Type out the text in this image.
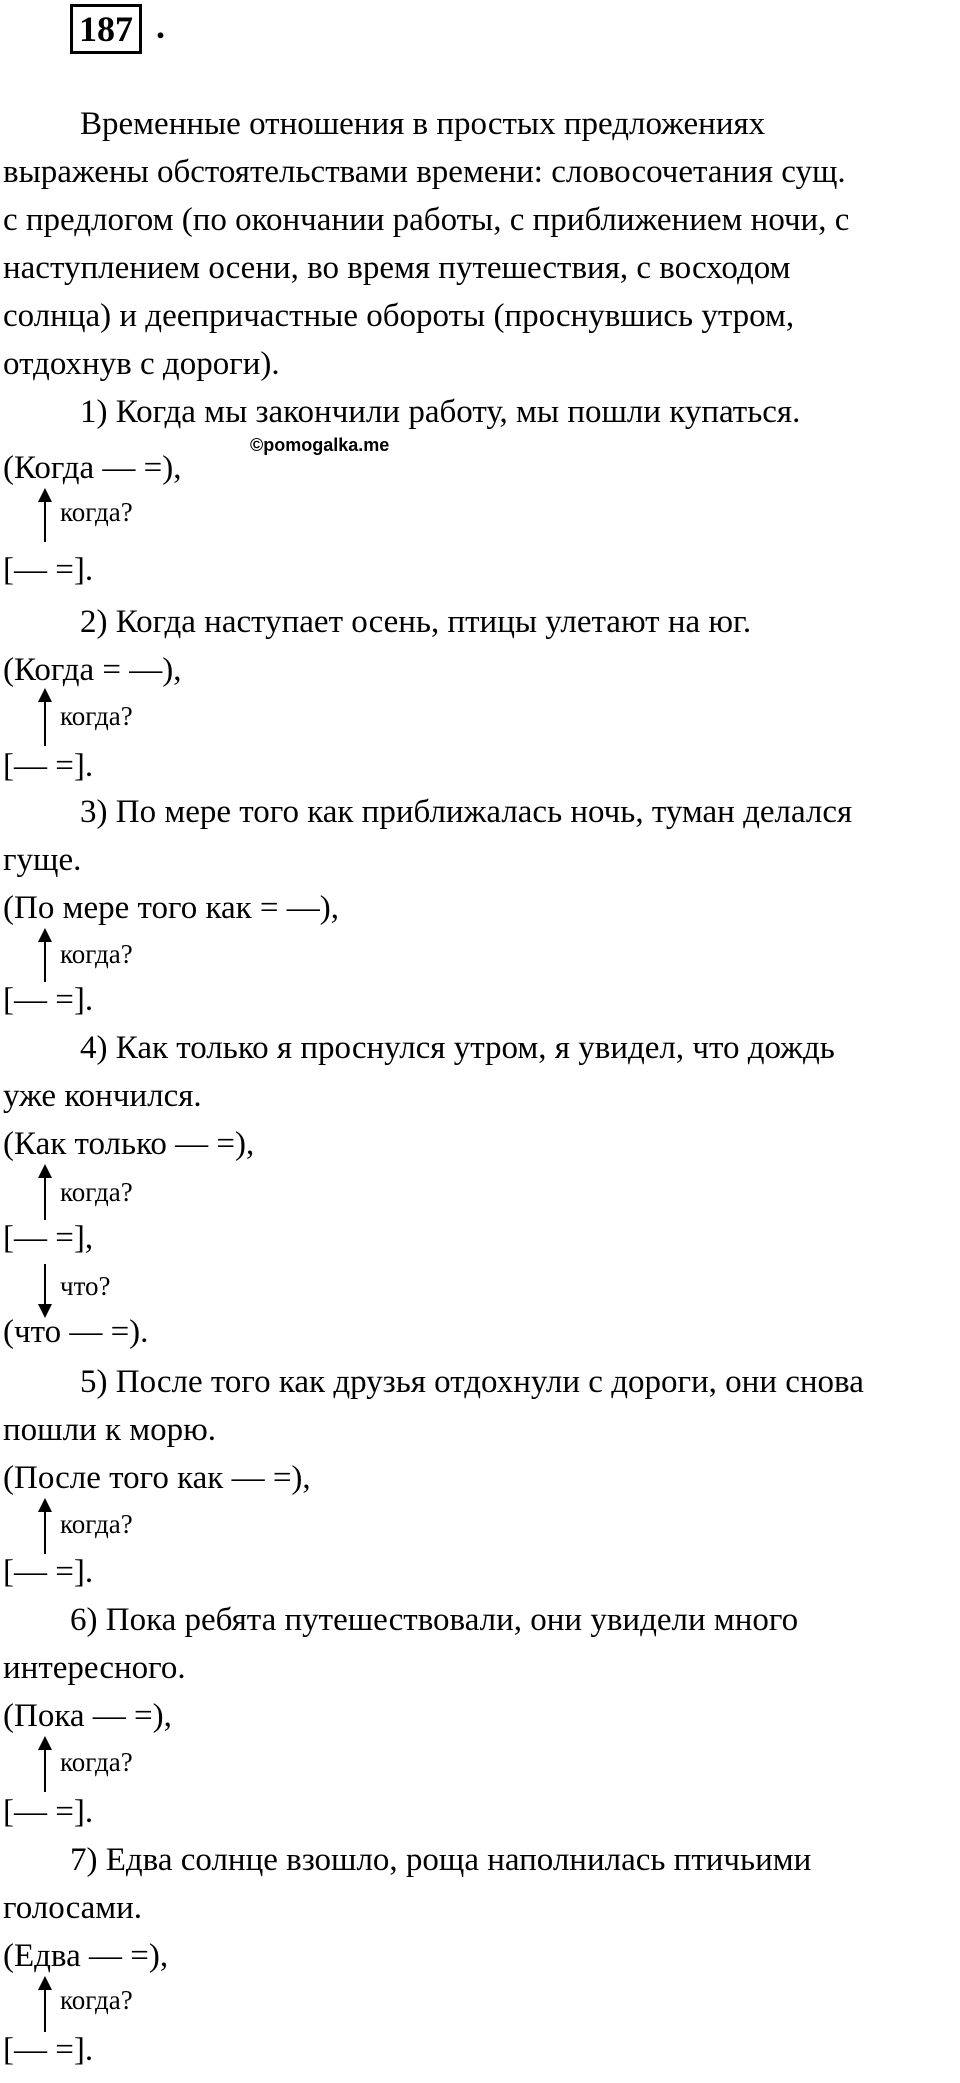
187 .
Временные отношения в простых предложениях
выражены обстоятельствами времени: словосочетания сущ.
с предлогом (по окончании работы, с приближением ночи, с
наступлением осени, во время путешествия, с восходом
солнца) и деепричастные обороты (проснувшись утром,
отдохнув с дороги).
1) Когда мы закончили работу, мы пошли купаться.
©pomogalka.me
(Когда — =),
когда?
[— =].
2) Когда наступает осень, птицы улетают на юг.
(Когда = —),
когда?
[— =].
3) По мере того как приближалась ночь, туман делался
гуще.
(По мере того как = —),
когда?
[— =].
4) Как только я проснулся утром, я увидел, что дождь
уже кончился.
(Как только — =),
когда?
[— =],
что?
(что — =).
5) После того как друзья отдохнули с дороги, они снова
пошли к морю.
(После того как — =),
когда?
[— =].
6) Пока ребята путешествовали, они увидели много
интересного.
(Пока — =),
когда?
[— =].
7) Едва солнце взошло, роща наполнилась птичьими
голосами.
(Едва — =),
когда?
[— =].
